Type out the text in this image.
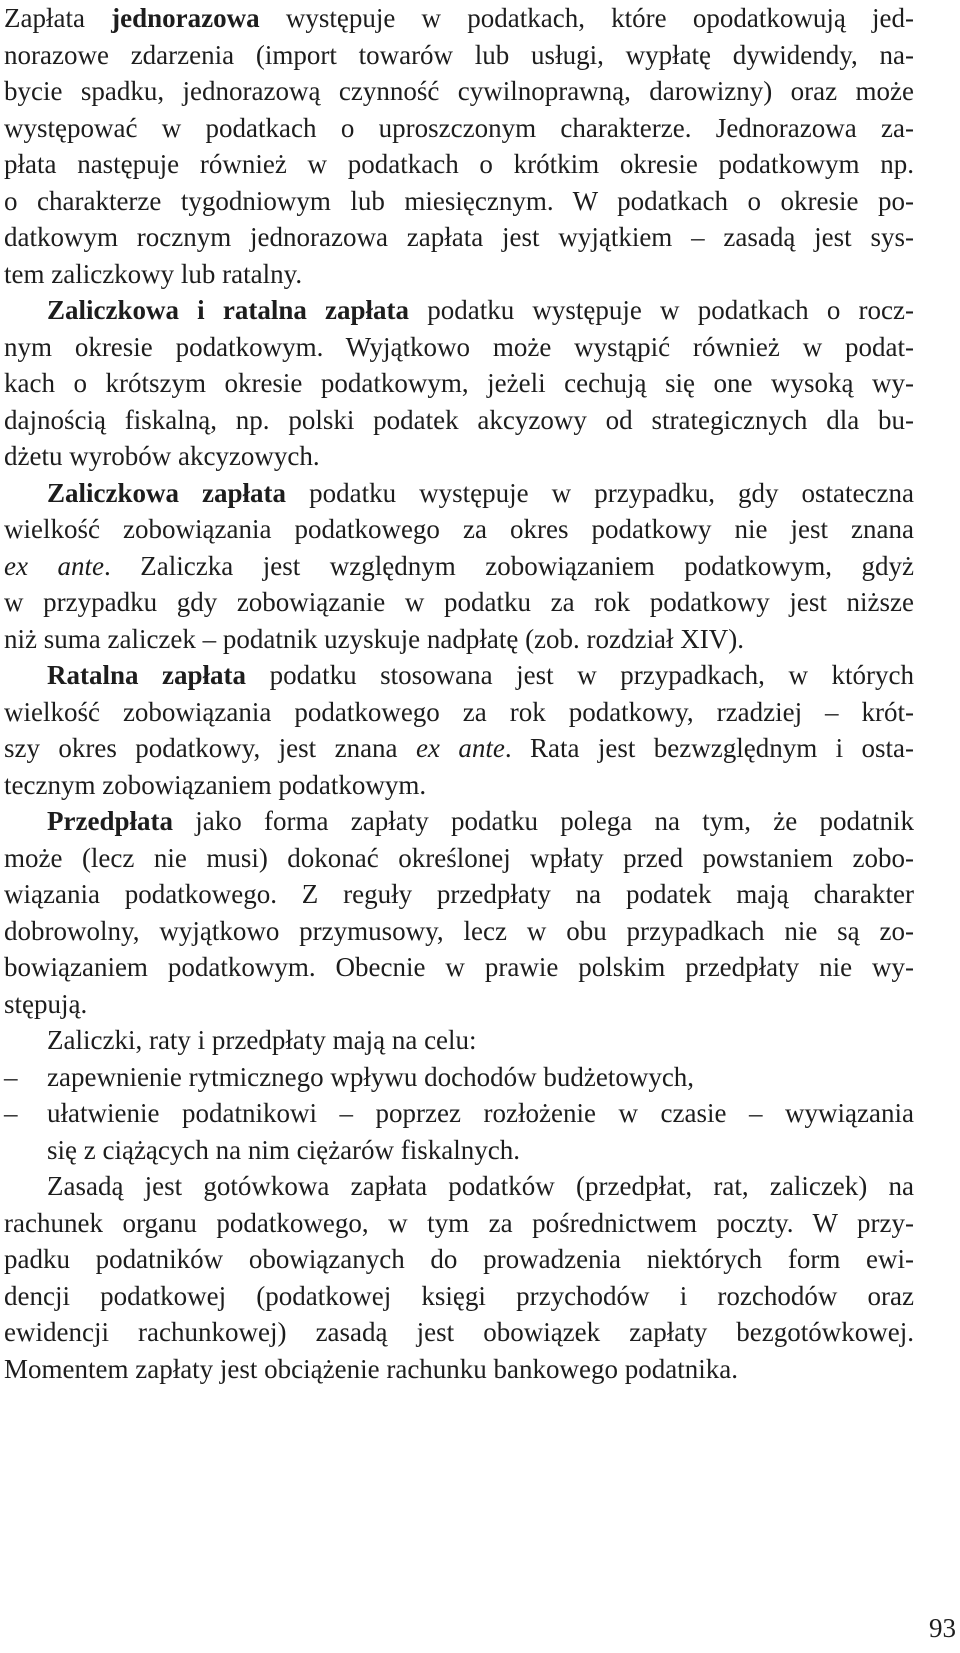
Zapłata jednorazowa występuje w podatkach, które opodatkowują jed-
norazowe zdarzenia (import towarów lub usługi, wypłatę dywidendy, na-
bycie spadku, jednorazową czynność cywilnoprawną, darowizny) oraz może
występować w podatkach o uproszczonym charakterze. Jednorazowa za-
płata następuje również w podatkach o krótkim okresie podatkowym np.
o charakterze tygodniowym lub miesięcznym. W podatkach o okresie po-
datkowym rocznym jednorazowa zapłata jest wyjątkiem – zasadą jest sys-
tem zaliczkowy lub ratalny.
Zaliczkowa i ratalna zapłata podatku występuje w podatkach o rocz-
nym okresie podatkowym. Wyjątkowo może wystąpić również w podat-
kach o krótszym okresie podatkowym, jeżeli cechują się one wysoką wy-
dajnością fiskalną, np. polski podatek akcyzowy od strategicznych dla bu-
dżetu wyrobów akcyzowych.
Zaliczkowa zapłata podatku występuje w przypadku, gdy ostateczna
wielkość zobowiązania podatkowego za okres podatkowy nie jest znana
ex ante. Zaliczka jest względnym zobowiązaniem podatkowym, gdyż
w przypadku gdy zobowiązanie w podatku za rok podatkowy jest niższe
niż suma zaliczek – podatnik uzyskuje nadpłatę (zob. rozdział XIV).
Ratalna zapłata podatku stosowana jest w przypadkach, w których
wielkość zobowiązania podatkowego za rok podatkowy, rzadziej – krót-
szy okres podatkowy, jest znana ex ante. Rata jest bezwzględnym i osta-
tecznym zobowiązaniem podatkowym.
Przedpłata jako forma zapłaty podatku polega na tym, że podatnik
może (lecz nie musi) dokonać określonej wpłaty przed powstaniem zobo-
wiązania podatkowego. Z reguły przedpłaty na podatek mają charakter
dobrowolny, wyjątkowo przymusowy, lecz w obu przypadkach nie są zo-
bowiązaniem podatkowym. Obecnie w prawie polskim przedpłaty nie wy-
stępują.
Zaliczki, raty i przedpłaty mają na celu:
–	zapewnienie rytmicznego wpływu dochodów budżetowych,
–	ułatwienie podatnikowi – poprzez rozłożenie w czasie – wywiązania
się z ciążących na nim ciężarów fiskalnych.
Zasadą jest gotówkowa zapłata podatków (przedpłat, rat, zaliczek) na
rachunek organu podatkowego, w tym za pośrednictwem poczty. W przy-
padku podatników obowiązanych do prowadzenia niektórych form ewi-
dencji podatkowej (podatkowej księgi przychodów i rozchodów oraz
ewidencji rachunkowej) zasadą jest obowiązek zapłaty bezgotówkowej.
Momentem zapłaty jest obciążenie rachunku bankowego podatnika.
93
